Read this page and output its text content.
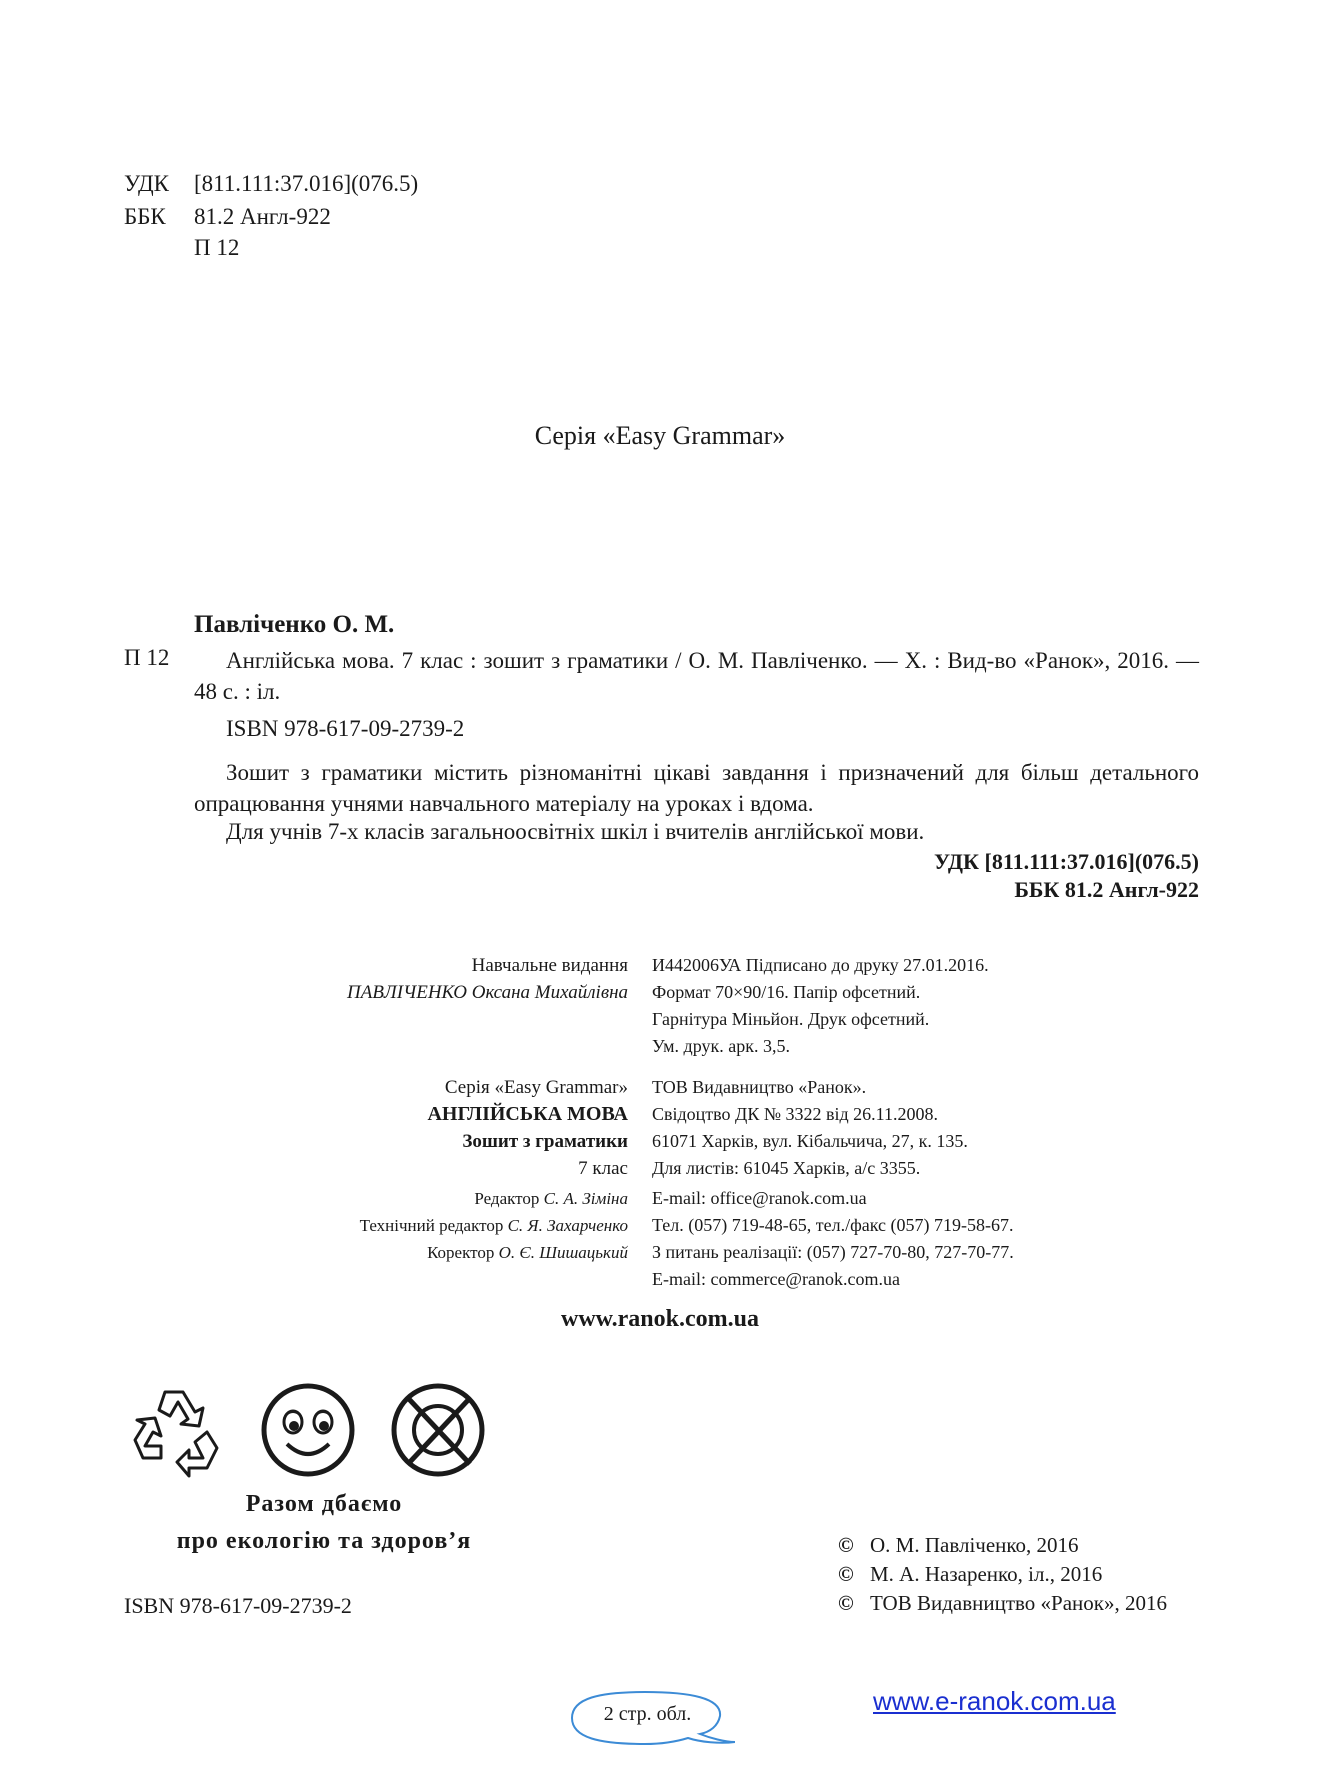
УДК [811.111:37.016](076.5)
ББК 81.2 Англ-922
П 12
Серія «Easy Grammar»
Павліченко О. М.
П 12	Англійська мова. 7 клас : зошит з граматики / О. М. Павліченко. — Х. : Вид-во «Ранок», 2016. — 48 с. : іл.
ISBN 978-617-09-2739-2
Зошит з граматики містить різноманітні цікаві завдання і призначений для більш детального опрацювання учнями навчального матеріалу на уроках і вдома.
Для учнів 7-х класів загальноосвітніх шкіл і вчителів англійської мови.
УДК [811.111:37.016](076.5)
ББК 81.2 Англ-922
Навчальне видання
ПАВЛІЧЕНКО Оксана Михайлівна
И442006УА Підписано до друку 27.01.2016.
Формат 70×90/16. Папір офсетний.
Гарнітура Міньйон. Друк офсетний.
Ум. друк. арк. 3,5.
Серія «Easy Grammar»
АНГЛІЙСЬКА МОВА
Зошит з граматики
7 клас
ТОВ Видавництво «Ранок».
Свідоцтво ДК № 3322 від 26.11.2008.
61071 Харків, вул. Кібальчича, 27, к. 135.
Для листів: 61045 Харків, а/с 3355.
Редактор С. А. Зіміна
Технічний редактор С. Я. Захарченко
Коректор О. Є. Шишацький
E-mail: office@ranok.com.ua
Тел. (057) 719-48-65, тел./факс (057) 719-58-67.
З питань реалізації: (057) 727-70-80, 727-70-77.
E-mail: commerce@ranok.com.ua
www.ranok.com.ua
Разом дбаємо
про екологію та здоров’я
ISBN 978-617-09-2739-2
© О. М. Павліченко, 2016
© М. А. Назаренко, іл., 2016
© ТОВ Видавництво «Ранок», 2016
2 стр. обл.	www.e-ranok.com.ua
